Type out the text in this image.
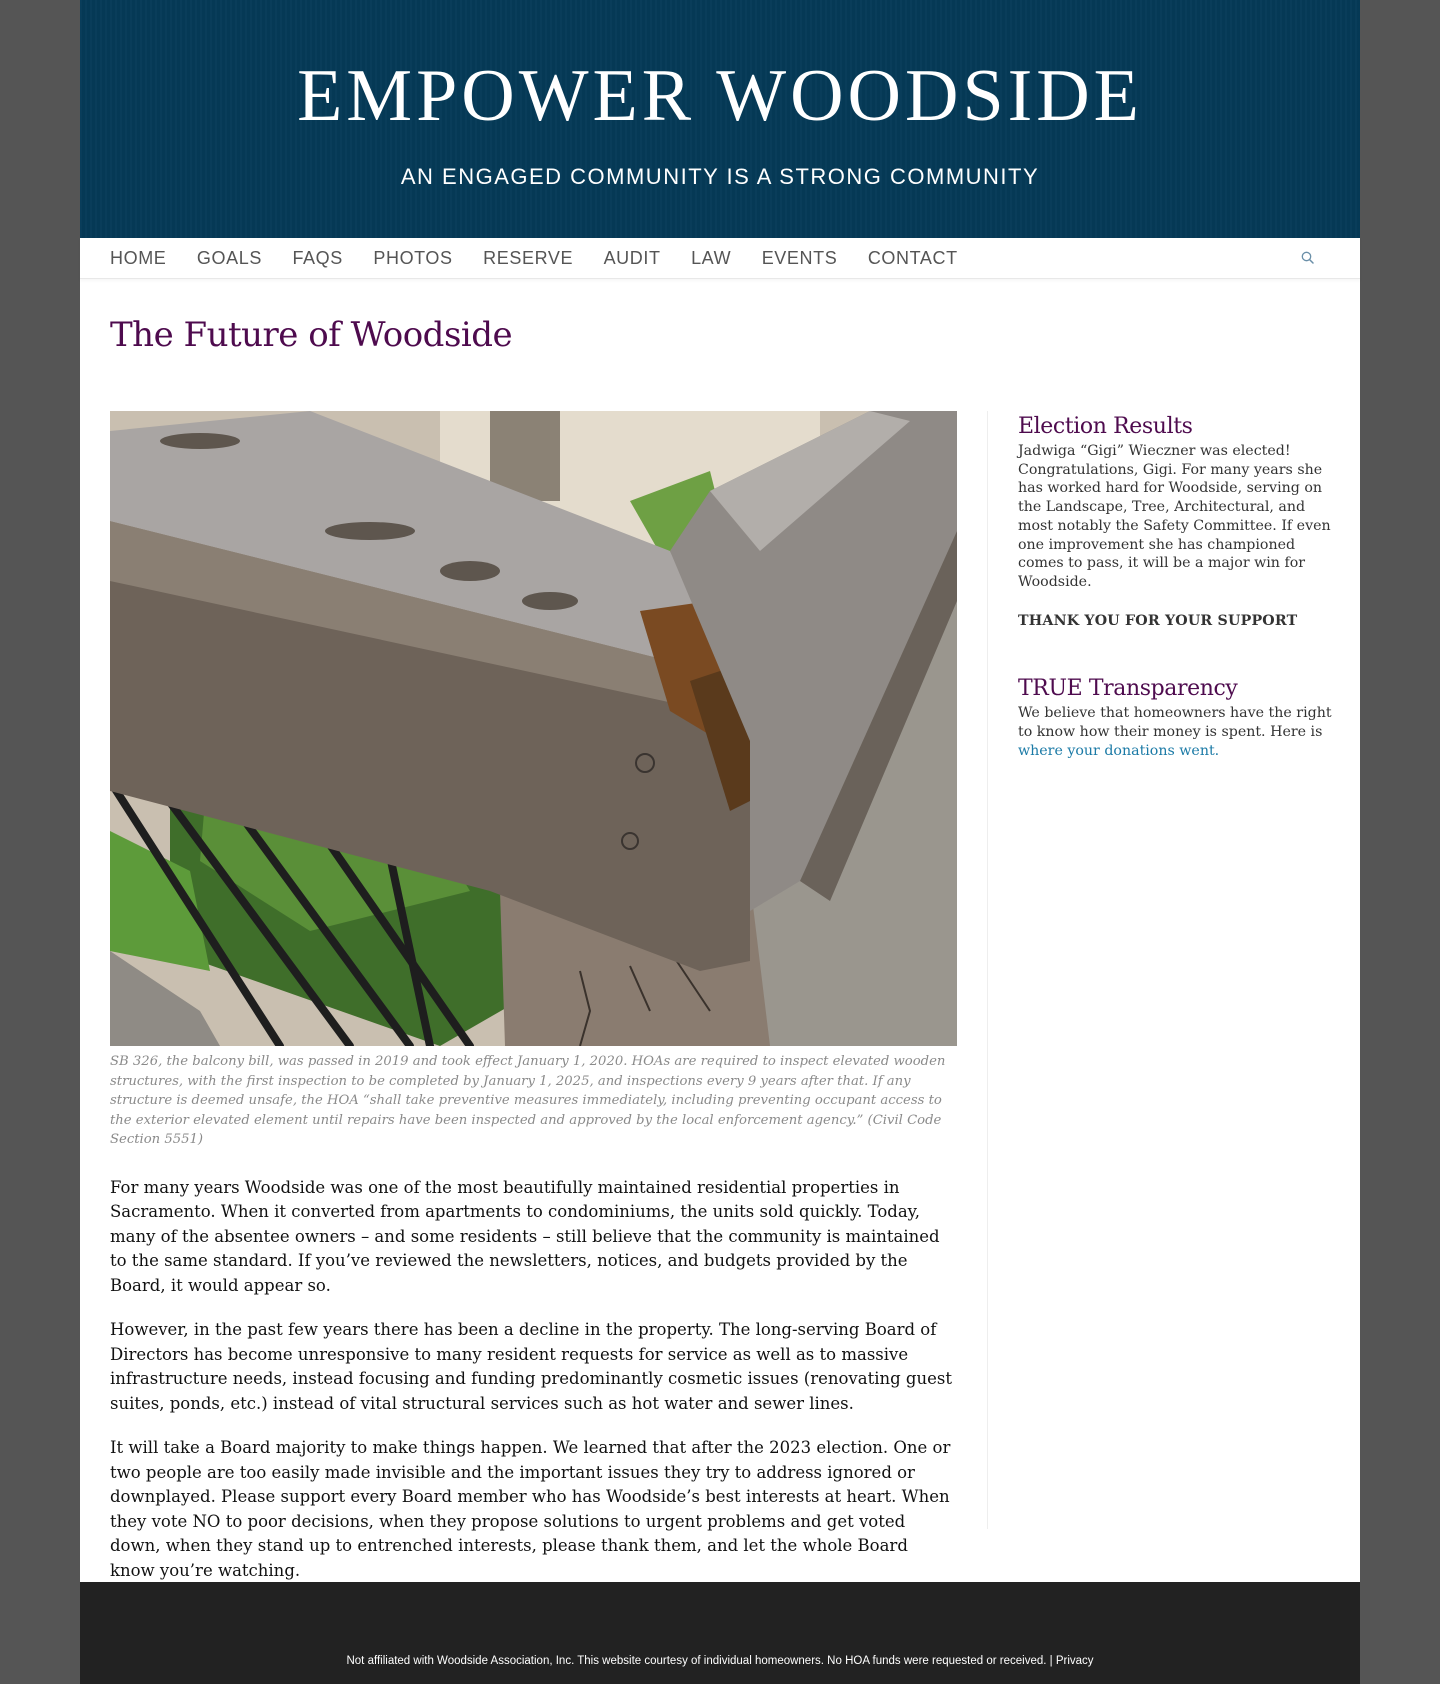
EMPOWER WOODSIDE
AN ENGAGED COMMUNITY IS A STRONG COMMUNITY
HOME GOALS FAQS PHOTOS RESERVE AUDIT LAW EVENTS CONTACT
The Future of Woodside
SB 326, the balcony bill, was passed in 2019 and took effect January 1, 2020. HOAs are required to inspect elevated wooden structures, with the first inspection to be completed by January 1, 2025, and inspections every 9 years after that. If any structure is deemed unsafe, the HOA “shall take preventive measures immediately, including preventing occupant access to the exterior elevated element until repairs have been inspected and approved by the local enforcement agency.” (Civil Code Section 5551)

For many years Woodside was one of the most beautifully maintained residential properties in Sacramento. When it converted from apartments to condominiums, the units sold quickly. Today, many of the absentee owners – and some residents – still believe that the community is maintained to the same standard. If you’ve reviewed the newsletters, notices, and budgets provided by the Board, it would appear so.

However, in the past few years there has been a decline in the property. The long-serving Board of Directors has become unresponsive to many resident requests for service as well as to massive infrastructure needs, instead focusing and funding predominantly cosmetic issues (renovating guest suites, ponds, etc.) instead of vital structural services such as hot water and sewer lines.

It will take a Board majority to make things happen. We learned that after the 2023 election. One or two people are too easily made invisible and the important issues they try to address ignored or downplayed. Please support every Board member who has Woodside’s best interests at heart. When they vote NO to poor decisions, when they propose solutions to urgent problems and get voted down, when they stand up to entrenched interests, please thank them, and let the whole Board know you’re watching.

Election Results

Jadwiga “Gigi” Wieczner was elected! Congratulations, Gigi. For many years she has worked hard for Woodside, serving on the Landscape, Tree, Architectural, and most notably the Safety Committee. If even one improvement she has championed comes to pass, it will be a major win for Woodside.

THANK YOU FOR YOUR SUPPORT

TRUE Transparency

We believe that homeowners have the right to know how their money is spent. Here is where your donations went.

Not affiliated with Woodside Association, Inc. This website courtesy of individual homeowners. No HOA funds were requested or received. | Privacy
